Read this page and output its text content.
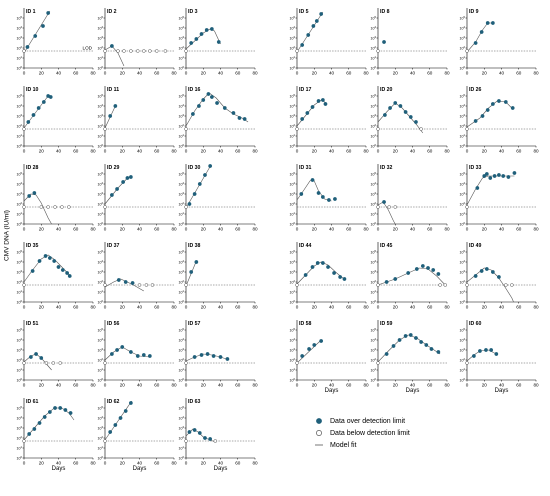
$10^0$
$10^1$
$10^2$
$10^3$
$10^4$
$10^5$
0	20	40	60	80
LOD
ID 1
$10^0$
$10^1$
$10^2$
$10^3$
$10^4$
$10^5$
0	20	40	60	80
ID 2
$10^0$
$10^1$
$10^2$
$10^3$
$10^4$
$10^5$
0	20	40	60	80
ID 3
$10^0$
$10^1$
$10^2$
$10^3$
$10^4$
$10^5$
0	20	40	60	80
ID 5
$10^0$
$10^1$
$10^2$
$10^3$
$10^4$
$10^5$
0	20	40	60	80
ID 8
$10^0$
$10^1$
$10^2$
$10^3$
$10^4$
$10^5$
0	20	40	60	80
ID 9
$10^0$
$10^1$
$10^2$
$10^3$
$10^4$
$10^5$
0	20	40	60	80
ID 10
$10^0$
$10^1$
$10^2$
$10^3$
$10^4$
$10^5$
0	20	40	60	80
ID 11
$10^0$
$10^1$
$10^2$
$10^3$
$10^4$
$10^5$
0	20	40	60	80
ID 16
$10^0$
$10^1$
$10^2$
$10^3$
$10^4$
$10^5$
0	20	40	60	80
ID 17
$10^0$
$10^1$
$10^2$
$10^3$
$10^4$
$10^5$
0	20	40	60	80
ID 20
$10^0$
$10^1$
$10^2$
$10^3$
$10^4$
$10^5$
0	20	40	60	80
ID 26
$10^0$
$10^1$
$10^2$
$10^3$
$10^4$
$10^5$
0	20	40	60	80
ID 28
$10^0$
$10^1$
$10^2$
$10^3$
$10^4$
$10^5$
0	20	40	60	80
ID 29
$10^0$
$10^1$
$10^2$
$10^3$
$10^4$
$10^5$
0	20	40	60	80
ID 30
$10^0$
$10^1$
$10^2$
$10^3$
$10^4$
$10^5$
0	20	40	60	80
ID 31
$10^0$
$10^1$
$10^2$
$10^3$
$10^4$
$10^5$
0	20	40	60	80
ID 32
$10^0$
$10^1$
$10^2$
$10^3$
$10^4$
$10^5$
0	20	40	60	80
ID 33
$10^0$
$10^1$
$10^2$
$10^3$
$10^4$
$10^5$
0	20	40	60	80
ID 35
$10^0$
$10^1$
$10^2$
$10^3$
$10^4$
$10^5$
0	20	40	60	80
ID 37
$10^0$
$10^1$
$10^2$
$10^3$
$10^4$
$10^5$
0	20	40	60	80
ID 38
$10^0$
$10^1$
$10^2$
$10^3$
$10^4$
$10^5$
0	20	40	60	80
ID 44
$10^0$
$10^1$
$10^2$
$10^3$
$10^4$
$10^5$
0	20	40	60	80
ID 45
$10^0$
$10^1$
$10^2$
$10^3$
$10^4$
$10^5$
0	20	40	60	80
ID 49
$10^0$
$10^1$
$10^2$
$10^3$
$10^4$
$10^5$
0	20	40	60	80
ID 51
$10^0$
$10^1$
$10^2$
$10^3$
$10^4$
$10^5$
0	20	40	60	80
ID 56
$10^0$
$10^1$
$10^2$
$10^3$
$10^4$
$10^5$
0	20	40	60	80
ID 57
$10^0$
$10^1$
$10^2$
$10^3$
$10^4$
$10^5$
0	20	40	60	80
ID 58
Days
$10^0$
$10^1$
$10^2$
$10^3$
$10^4$
$10^5$
0	20	40	60	80
ID 59
Days
$10^0$
$10^1$
$10^2$
$10^3$
$10^4$
$10^5$
0	20	40	60	80
ID 60
Days
$10^0$
$10^1$
$10^2$
$10^3$
$10^4$
$10^5$
0	20	40	60	80
ID 61
Days
$10^0$
$10^1$
$10^2$
$10^3$
$10^4$
$10^5$
0	20	40	60	80
ID 62
Days
$10^0$
$10^1$
$10^2$
$10^3$
$10^4$
$10^5$
0	20	40	60	80
ID 63
Days
CMV DNA (IU/ml)
Data over detection limit
Data below detection limit
Model fit
